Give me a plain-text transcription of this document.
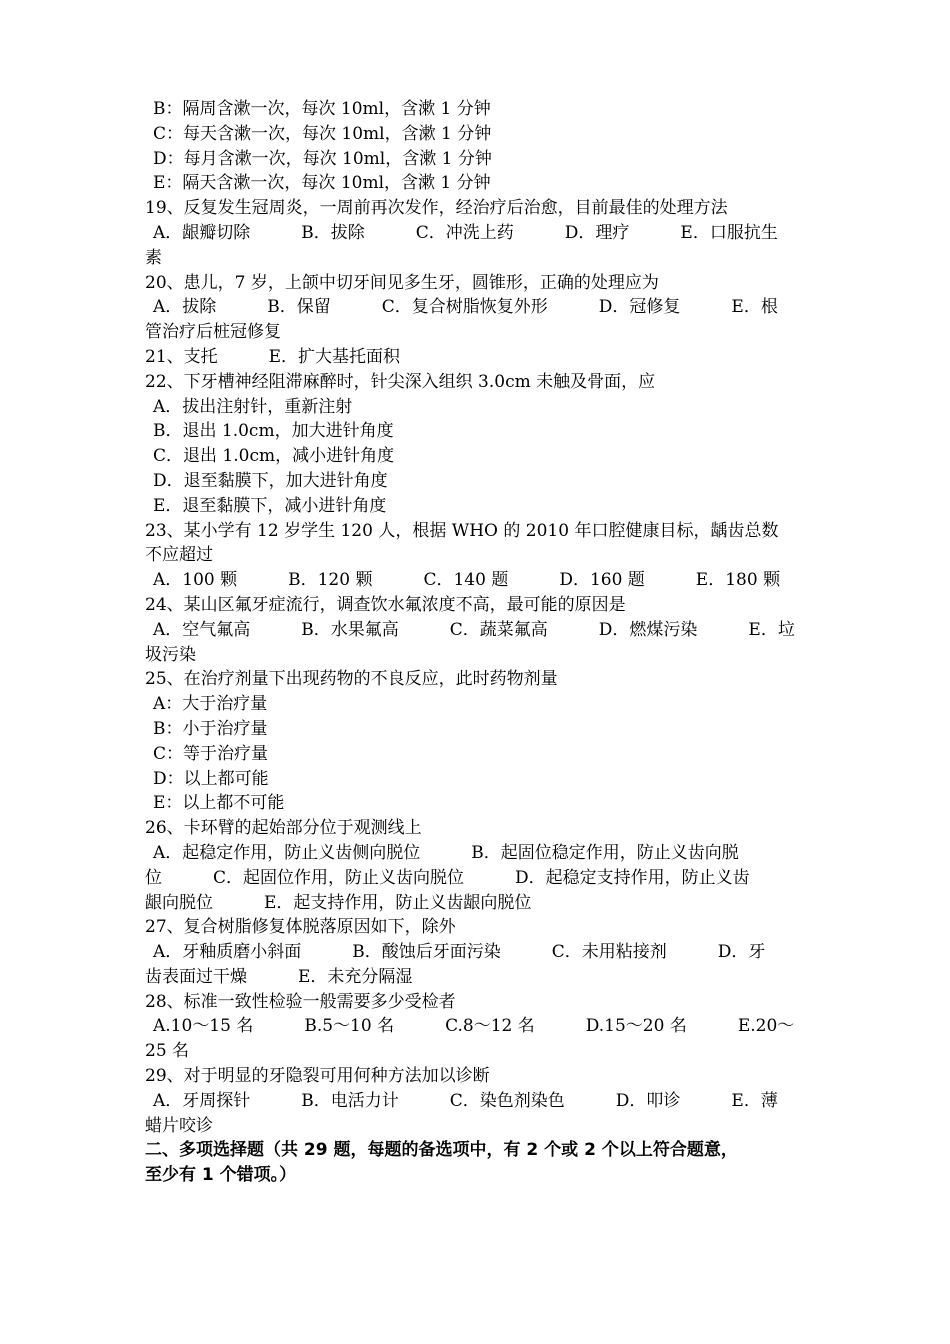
B：隔周含漱一次，每次 10ml，含漱 1 分钟
C：每天含漱一次，每次 10ml，含漱 1 分钟
D：每月含漱一次，每次 10ml，含漱 1 分钟
E：隔天含漱一次，每次 10ml，含漱 1 分钟
19、反复发生冠周炎，一周前再次发作，经治疗后治愈，目前最佳的处理方法
A．龈瓣切除　　　B．拔除　　　C．冲洗上药　　　D．理疗　　　E．口服抗生
素
20、患儿，7 岁，上颌中切牙间见多生牙，圆锥形，正确的处理应为
A．拔除　　　B．保留　　　C．复合树脂恢复外形　　　D．冠修复　　　E．根
管治疗后桩冠修复
21、支托　　　E．扩大基托面积
22、下牙槽神经阻滞麻醉时，针尖深入组织 3.0cm 未触及骨面，应
A．拔出注射针，重新注射
B．退出 1.0cm，加大进针角度
C．退出 1.0cm，减小进针角度
D．退至黏膜下，加大进针角度
E．退至黏膜下，减小进针角度
23、某小学有 12 岁学生 120 人，根据 WHO 的 2010 年口腔健康目标，龋齿总数
不应超过
A．100 颗　　　B．120 颗　　　C．140 题　　　D．160 题　　　E．180 颗
24、某山区氟牙症流行，调查饮水氟浓度不高，最可能的原因是
A．空气氟高　　　B．水果氟高　　　C．蔬菜氟高　　　D．燃煤污染　　　E．垃
圾污染
25、在治疗剂量下出现药物的不良反应，此时药物剂量
A：大于治疗量
B：小于治疗量
C：等于治疗量
D：以上都可能
E：以上都不可能
26、卡环臂的起始部分位于观测线上
A．起稳定作用，防止义齿侧向脱位　　　B．起固位稳定作用，防止义齿向脱
位　　　C．起固位作用，防止义齿向脱位　　　D．起稳定支持作用，防止义齿
龈向脱位　　　E．起支持作用，防止义齿龈向脱位
27、复合树脂修复体脱落原因如下，除外
A．牙釉质磨小斜面　　　B．酸蚀后牙面污染　　　C．未用粘接剂　　　D．牙
齿表面过干燥　　　E．未充分隔湿
28、标准一致性检验一般需要多少受检者
A.10～15 名　　　B.5～10 名　　　C.8～12 名　　　D.15～20 名　　　E.20～
25 名
29、对于明显的牙隐裂可用何种方法加以诊断
A．牙周探针　　　B．电活力计　　　C．染色剂染色　　　D．叩诊　　　E．薄
蜡片咬诊
二、多项选择题（共 29 题，每题的备选项中，有 2 个或 2 个以上符合题意，
至少有 1 个错项。）
